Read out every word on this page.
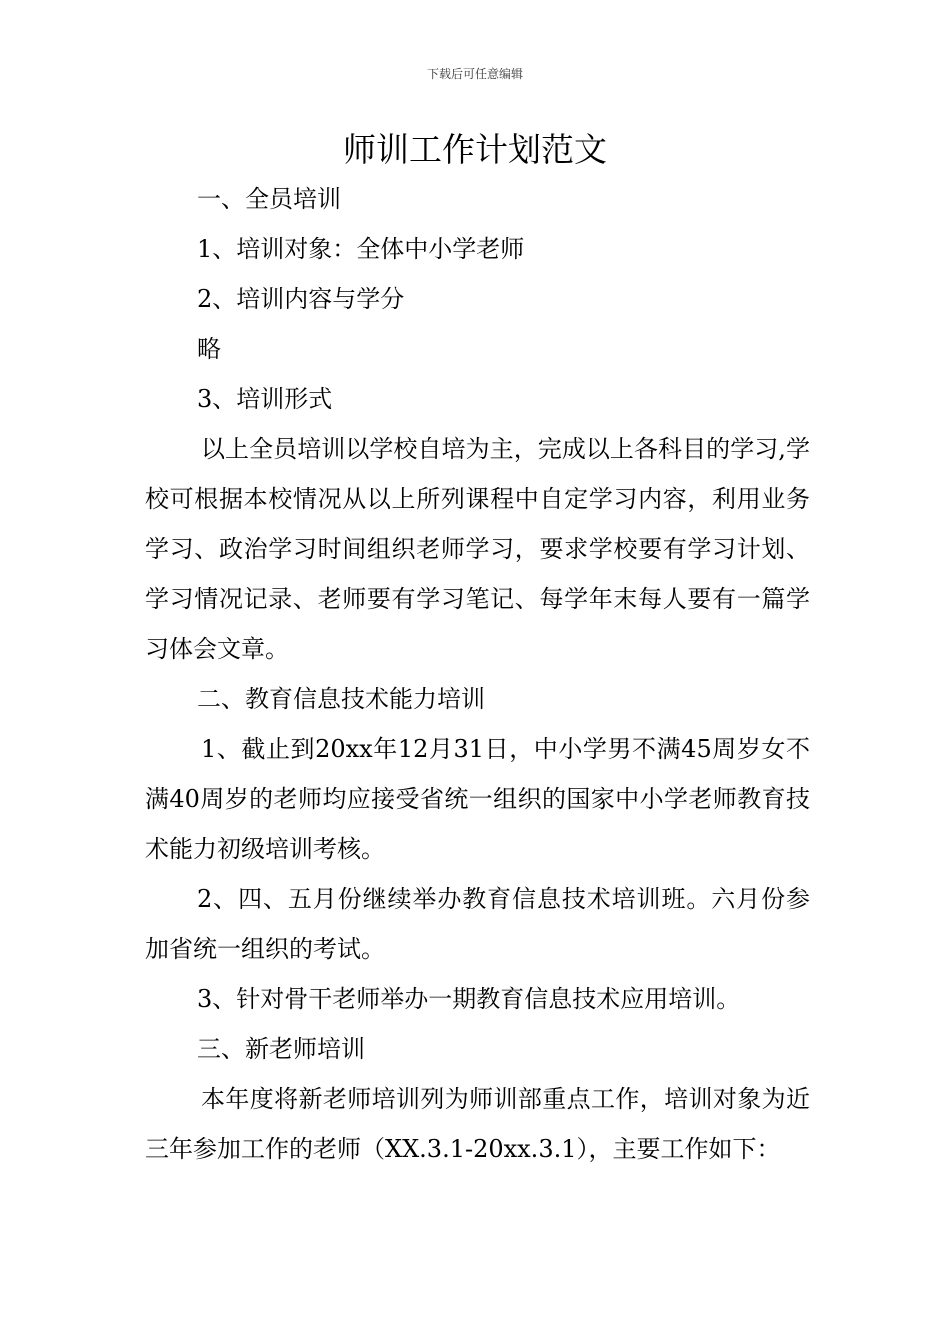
下载后可任意编辑
师训工作计划范文

一、全员培训

1、培训对象：全体中小学老师

2、培训内容与学分

略

3、培训形式

以上全员培训以学校自培为主，完成以上各科目的学习,学校可根据本校情况从以上所列课程中自定学习内容，利用业务学习、政治学习时间组织老师学习，要求学校要有学习计划、学习情况记录、老师要有学习笔记、每学年末每人要有一篇学习体会文章。

二、教育信息技术能力培训

1、截止到20xx年12月31日，中小学男不满45周岁女不满40周岁的老师均应接受省统一组织的国家中小学老师教育技术能力初级培训考核。

2、四、五月份继续举办教育信息技术培训班。六月份参加省统一组织的考试。

3、针对骨干老师举办一期教育信息技术应用培训。

三、新老师培训

本年度将新老师培训列为师训部重点工作，培训对象为近三年参加工作的老师（XX.3.1-20xx.3.1），主要工作如下：
